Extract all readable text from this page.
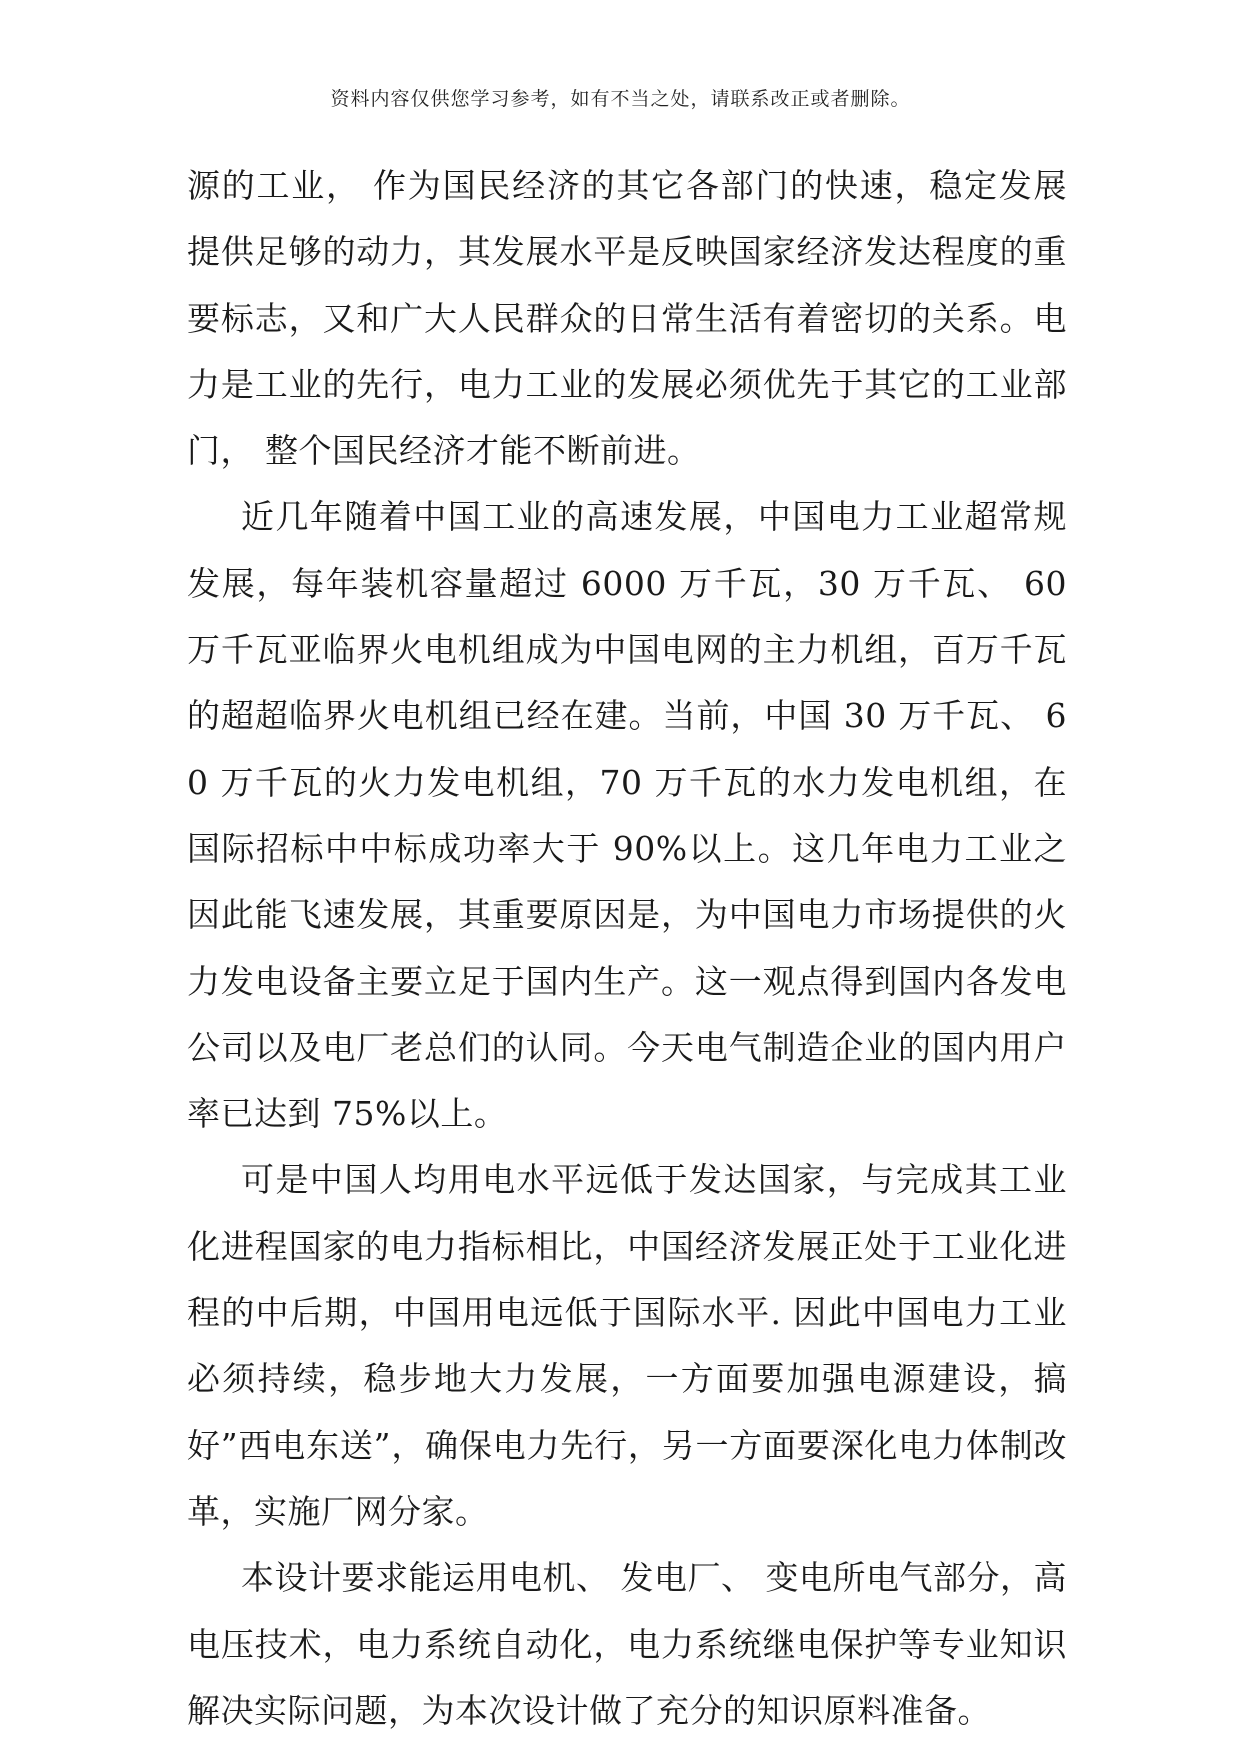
资料内容仅供您学习参考，如有不当之处，请联系改正或者删除。

源的工业， 作为国民经济的其它各部门的快速，稳定发展提供足够的动力，其发展水平是反映国家经济发达程度的重要标志，又和广大人民群众的日常生活有着密切的关系。电力是工业的先行，电力工业的发展必须优先于其它的工业部门， 整个国民经济才能不断前进。

近几年随着中国工业的高速发展，中国电力工业超常规发展，每年装机容量超过 6000 万千瓦，30 万千瓦、 60 万千瓦亚临界火电机组成为中国电网的主力机组，百万千瓦的超超临界火电机组已经在建。当前，中国 30 万千瓦、 60 万千瓦的火力发电机组，70 万千瓦的水力发电机组，在国际招标中中标成功率大于 90%以上。这几年电力工业之因此能飞速发展，其重要原因是，为中国电力市场提供的火力发电设备主要立足于国内生产。这一观点得到国内各发电公司以及电厂老总们的认同。今天电气制造企业的国内用户率已达到 75%以上。

可是中国人均用电水平远低于发达国家，与完成其工业化进程国家的电力指标相比，中国经济发展正处于工业化进程的中后期，中国用电远低于国际水平. 因此中国电力工业必须持续，稳步地大力发展，一方面要加强电源建设，搞好”西电东送”，确保电力先行，另一方面要深化电力体制改革，实施厂网分家。

本设计要求能运用电机、 发电厂、 变电所电气部分，高电压技术，电力系统自动化，电力系统继电保护等专业知识解决实际问题，为本次设计做了充分的知识原料准备。
